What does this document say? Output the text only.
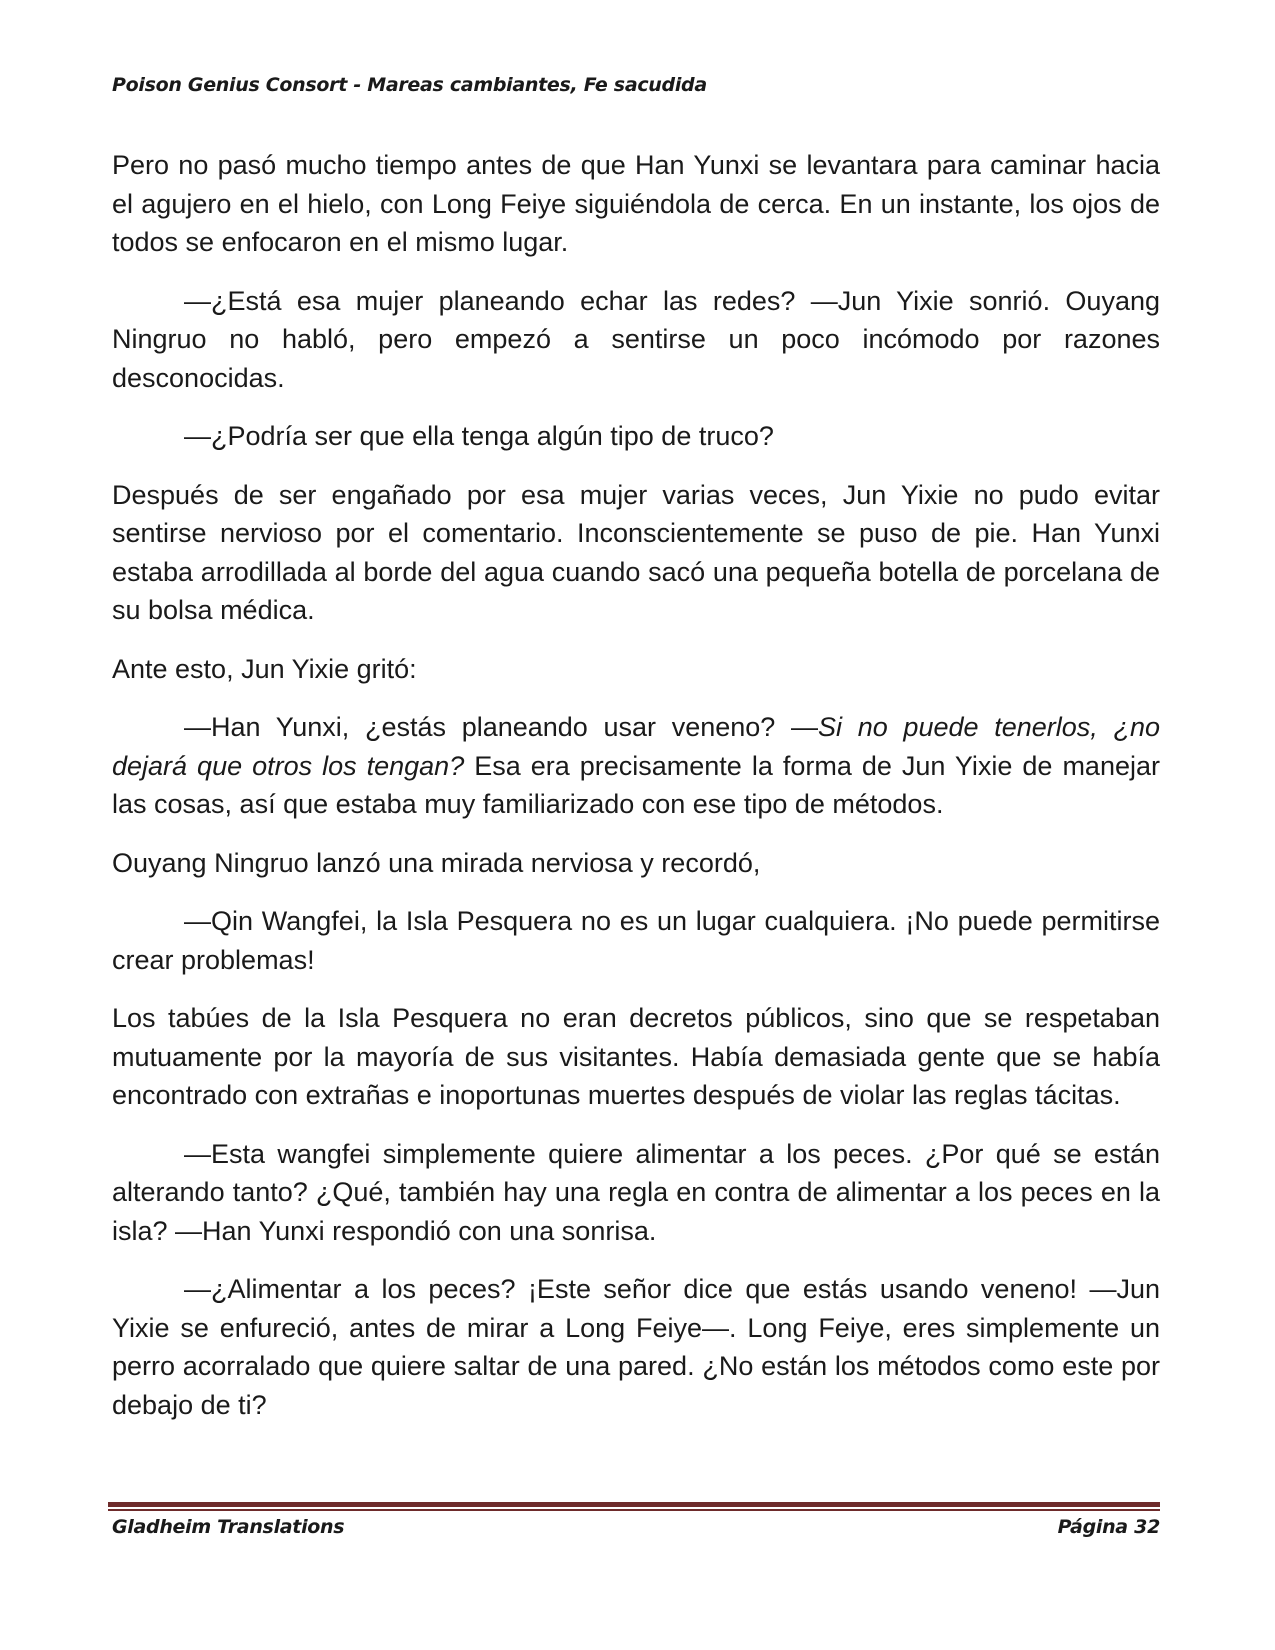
Poison Genius Consort - Mareas cambiantes, Fe sacudida

Pero no pasó mucho tiempo antes de que Han Yunxi se levantara para caminar hacia el agujero en el hielo, con Long Feiye siguiéndola de cerca. En un instante, los ojos de todos se enfocaron en el mismo lugar.

—¿Está esa mujer planeando echar las redes? —Jun Yixie sonrió. Ouyang Ningruo no habló, pero empezó a sentirse un poco incómodo por razones desconocidas.

—¿Podría ser que ella tenga algún tipo de truco?

Después de ser engañado por esa mujer varias veces, Jun Yixie no pudo evitar sentirse nervioso por el comentario. Inconscientemente se puso de pie. Han Yunxi estaba arrodillada al borde del agua cuando sacó una pequeña botella de porcelana de su bolsa médica.

Ante esto, Jun Yixie gritó:

—Han Yunxi, ¿estás planeando usar veneno? —Si no puede tenerlos, ¿no dejará que otros los tengan? Esa era precisamente la forma de Jun Yixie de manejar las cosas, así que estaba muy familiarizado con ese tipo de métodos.

Ouyang Ningruo lanzó una mirada nerviosa y recordó,

—Qin Wangfei, la Isla Pesquera no es un lugar cualquiera. ¡No puede permitirse crear problemas!

Los tabúes de la Isla Pesquera no eran decretos públicos, sino que se respetaban mutuamente por la mayoría de sus visitantes. Había demasiada gente que se había encontrado con extrañas e inoportunas muertes después de violar las reglas tácitas.

—Esta wangfei simplemente quiere alimentar a los peces. ¿Por qué se están alterando tanto? ¿Qué, también hay una regla en contra de alimentar a los peces en la isla? —Han Yunxi respondió con una sonrisa.

—¿Alimentar a los peces? ¡Este señor dice que estás usando veneno! —Jun Yixie se enfureció, antes de mirar a Long Feiye—. Long Feiye, eres simplemente un perro acorralado que quiere saltar de una pared. ¿No están los métodos como este por debajo de ti?

Gladheim Translations	Página 32
